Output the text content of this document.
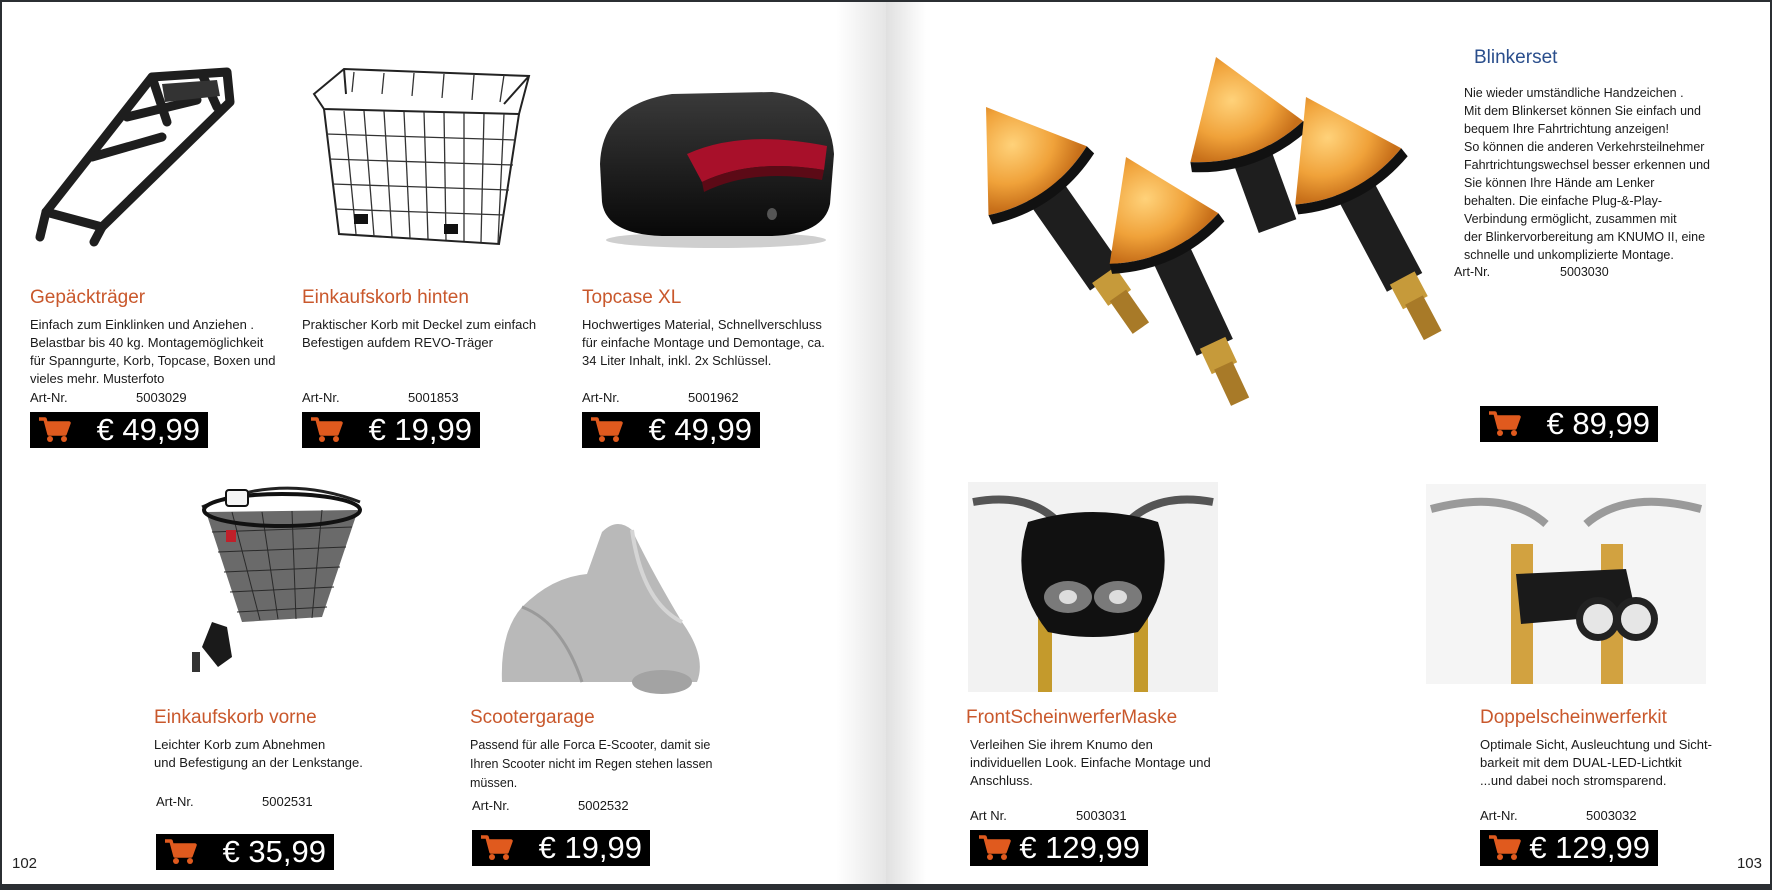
Gepäckträger
Einfach zum Einklinken und Anziehen .
Belastbar bis 40 kg. Montagemöglichkeit
für Spanngurte, Korb, Topcase, Boxen und
vieles mehr. Musterfoto
Art-Nr.	5003029
€ 49,99
Einkaufskorb hinten
Praktischer Korb mit Deckel zum einfach
Befestigen aufdem REVO-Träger
Art-Nr.	5001853
€ 19,99
Topcase XL
Hochwertiges Material, Schnellverschluss
für einfache Montage und Demontage, ca.
34 Liter Inhalt, inkl. 2x Schlüssel.
Art-Nr.	5001962
€ 49,99
Einkaufskorb vorne
Leichter Korb zum Abnehmen
und Befestigung an der Lenkstange.
Art-Nr.	5002531
€ 35,99
Scootergarage
Passend für alle Forca E-Scooter, damit sie
Ihren Scooter nicht im Regen stehen lassen
müssen.
Art-Nr.	5002532
€ 19,99
102
Blinkerset
Nie wieder umständliche Handzeichen .
Mit dem Blinkerset können Sie einfach und
bequem Ihre Fahrtrichtung anzeigen!
So können die anderen Verkehrsteilnehmer
Fahrtrichtungswechsel besser erkennen und
Sie können Ihre Hände am Lenker
behalten. Die einfache Plug-&-Play-
Verbindung ermöglicht, zusammen mit
der Blinkervorbereitung am KNUMO II, eine
schnelle und unkomplizierte Montage.
Art-Nr.	5003030
€ 89,99
FrontScheinwerferMaske
Verleihen Sie ihrem Knumo den
individuellen Look. Einfache Montage und
Anschluss.
Art Nr.	5003031
€ 129,99
Doppelscheinwerferkit
Optimale Sicht, Ausleuchtung und Sicht-
barkeit mit dem DUAL-LED-Lichtkit
...und dabei noch stromsparend.
Art-Nr.	5003032
€ 129,99	103
